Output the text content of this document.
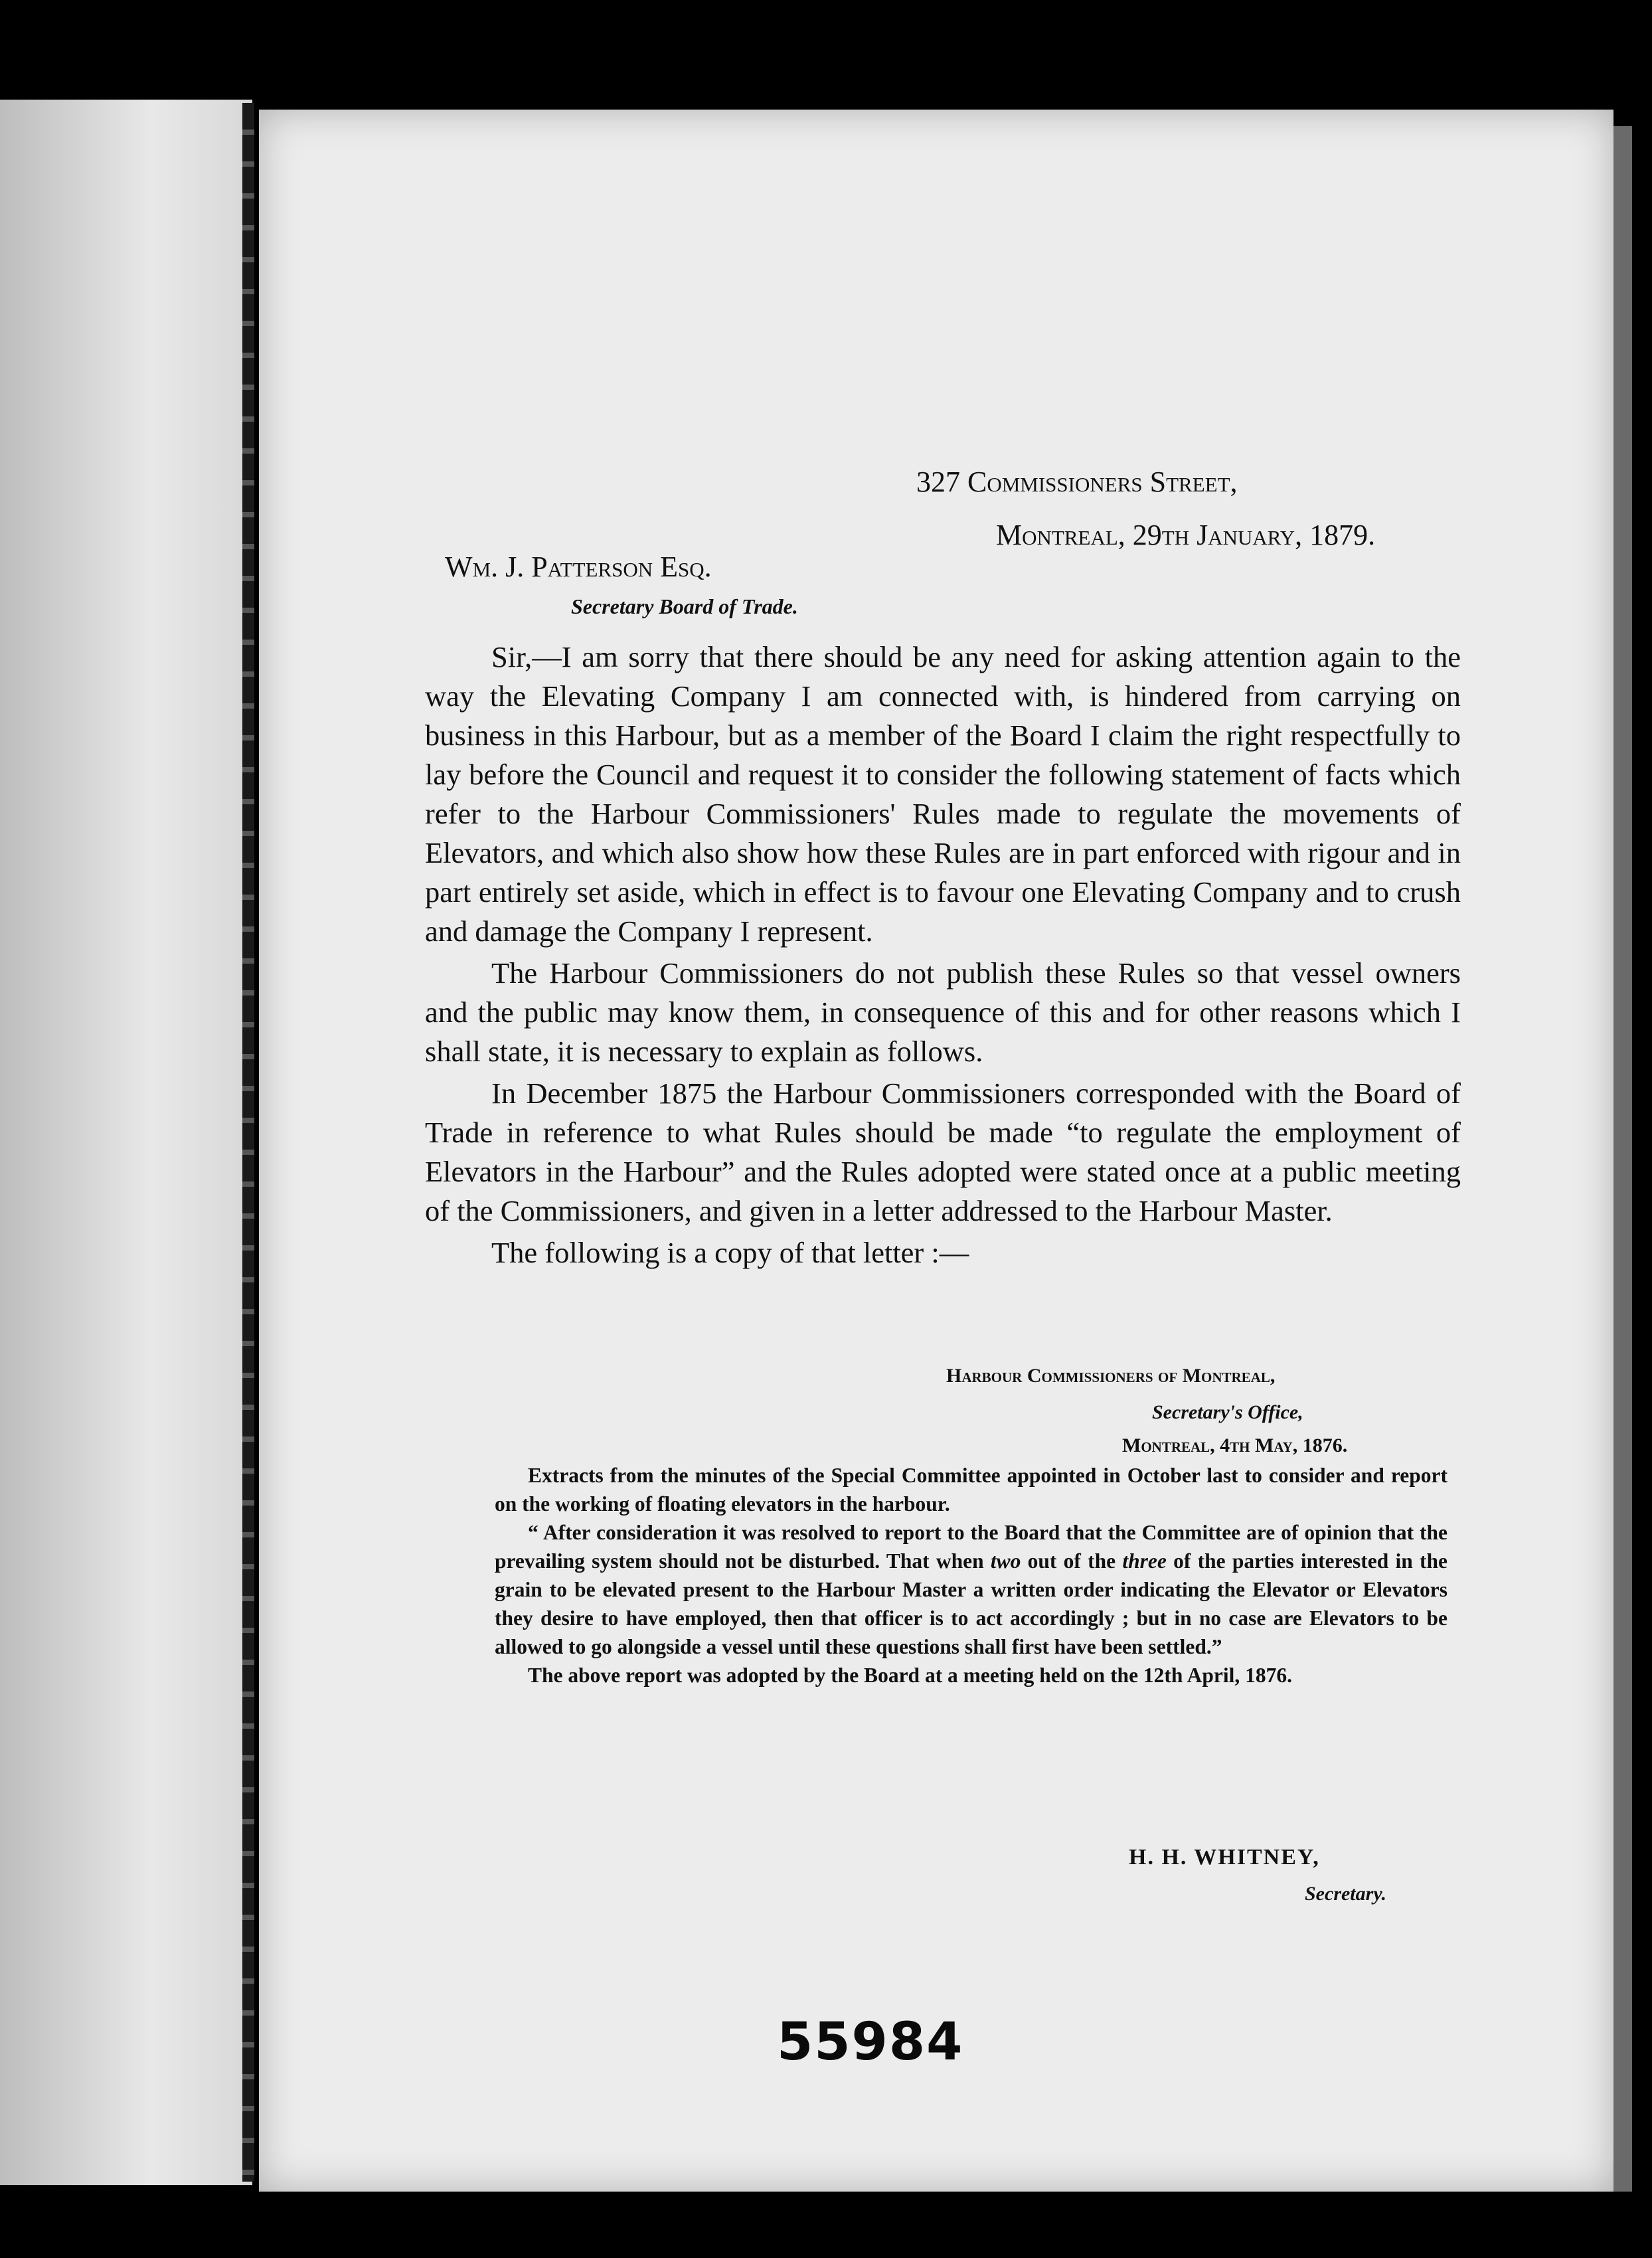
327 Commissioners Street,
Montreal, 29th January, 1879.
Wm. J. Patterson Esq.
Secretary Board of Trade.

Sir,—I am sorry that there should be any need for asking attention again to the way the Elevating Company I am connected with, is hindered from carrying on business in this Harbour, but as a member of the Board I claim the right respectfully to lay before the Council and request it to consider the following statement of facts which refer to the Harbour Commissioners' Rules made to regulate the movements of Elevators, and which also show how these Rules are in part enforced with rigour and in part entirely set aside, which in effect is to favour one Elevating Company and to crush and damage the Company I represent.

The Harbour Commissioners do not publish these Rules so that vessel owners and the public may know them, in consequence of this and for other reasons which I shall state, it is necessary to explain as follows.

In December 1875 the Harbour Commissioners corresponded with the Board of Trade in reference to what Rules should be made “to regulate the employment of Elevators in the Harbour” and the Rules adopted were stated once at a public meeting of the Commissioners, and given in a letter addressed to the Harbour Master.

The following is a copy of that letter :—

Harbour Commissioners of Montreal,
Secretary's Office,
Montreal, 4th May, 1876.

Extracts from the minutes of the Special Committee appointed in October last to consider and report on the working of floating elevators in the harbour.

“ After consideration it was resolved to report to the Board that the Committee are of opinion that the prevailing system should not be disturbed. That when two out of the three of the parties interested in the grain to be elevated present to the Harbour Master a written order indicating the Elevator or Elevators they desire to have employed, then that officer is to act accordingly ; but in no case are Elevators to be allowed to go alongside a vessel until these questions shall first have been settled.”

The above report was adopted by the Board at a meeting held on the 12th April, 1876.

H. H. WHITNEY,
Secretary.
55984
